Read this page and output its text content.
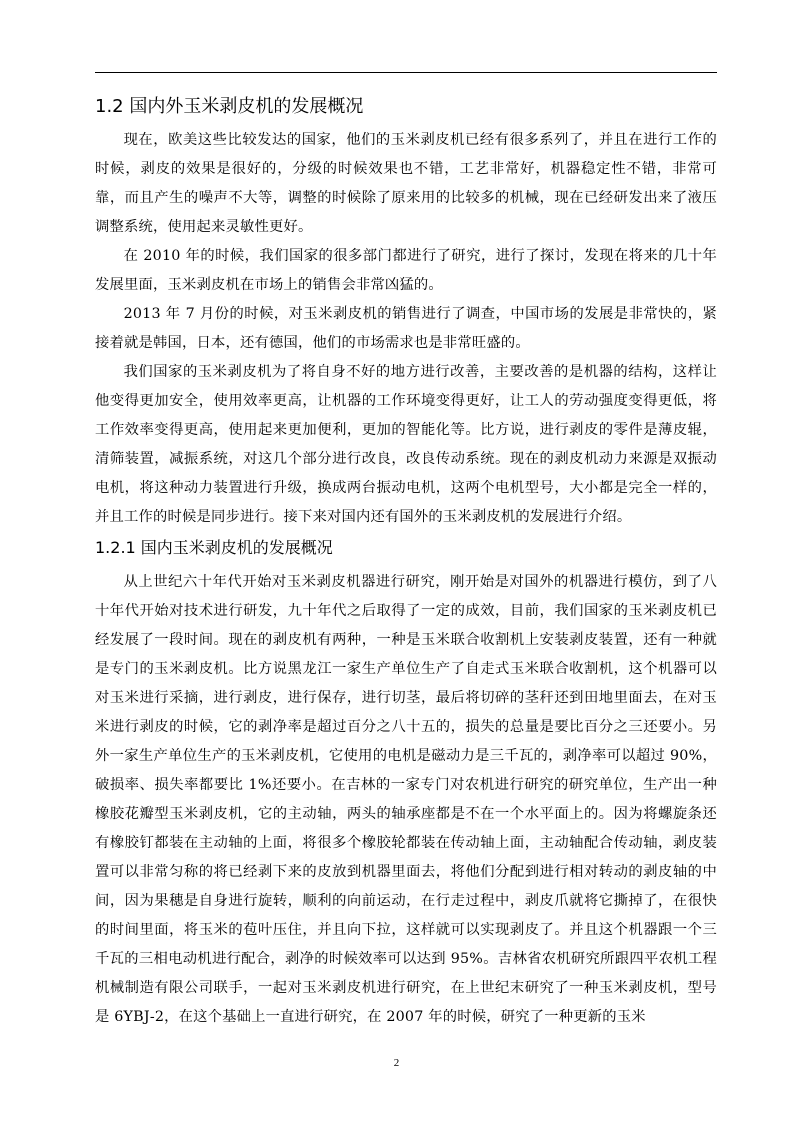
1.2 国内外玉米剥皮机的发展概况

现在，欧美这些比较发达的国家，他们的玉米剥皮机已经有很多系列了，并且在进行工作的时候，剥皮的效果是很好的，分级的时候效果也不错，工艺非常好，机器稳定性不错，非常可靠，而且产生的噪声不大等，调整的时候除了原来用的比较多的机械，现在已经研发出来了液压调整系统，使用起来灵敏性更好。

在 2010 年的时候，我们国家的很多部门都进行了研究，进行了探讨，发现在将来的几十年发展里面，玉米剥皮机在市场上的销售会非常凶猛的。

2013 年 7 月份的时候，对玉米剥皮机的销售进行了调查，中国市场的发展是非常快的，紧接着就是韩国，日本，还有德国，他们的市场需求也是非常旺盛的。

我们国家的玉米剥皮机为了将自身不好的地方进行改善，主要改善的是机器的结构，这样让他变得更加安全，使用效率更高，让机器的工作环境变得更好，让工人的劳动强度变得更低，将工作效率变得更高，使用起来更加便利，更加的智能化等。比方说，进行剥皮的零件是薄皮辊，清筛装置，减振系统，对这几个部分进行改良，改良传动系统。现在的剥皮机动力来源是双振动电机，将这种动力装置进行升级，换成两台振动电机，这两个电机型号，大小都是完全一样的，并且工作的时候是同步进行。接下来对国内还有国外的玉米剥皮机的发展进行介绍。

1.2.1 国内玉米剥皮机的发展概况

从上世纪六十年代开始对玉米剥皮机器进行研究，刚开始是对国外的机器进行模仿，到了八十年代开始对技术进行研发，九十年代之后取得了一定的成效，目前，我们国家的玉米剥皮机已经发展了一段时间。现在的剥皮机有两种，一种是玉米联合收割机上安装剥皮装置，还有一种就是专门的玉米剥皮机。比方说黑龙江一家生产单位生产了自走式玉米联合收割机，这个机器可以对玉米进行采摘，进行剥皮，进行保存，进行切茎，最后将切碎的茎秆还到田地里面去，在对玉米进行剥皮的时候，它的剥净率是超过百分之八十五的，损失的总量是要比百分之三还要小。另外一家生产单位生产的玉米剥皮机，它使用的电机是磁动力是三千瓦的，剥净率可以超过 90%，破损率、损失率都要比 1%还要小。在吉林的一家专门对农机进行研究的研究单位，生产出一种橡胶花瓣型玉米剥皮机，它的主动轴，两头的轴承座都是不在一个水平面上的。因为将螺旋条还有橡胶钉都装在主动轴的上面，将很多个橡胶轮都装在传动轴上面，主动轴配合传动轴，剥皮装置可以非常匀称的将已经剥下来的皮放到机器里面去，将他们分配到进行相对转动的剥皮轴的中间，因为果穗是自身进行旋转，顺利的向前运动，在行走过程中，剥皮爪就将它撕掉了，在很快的时间里面，将玉米的苞叶压住，并且向下拉，这样就可以实现剥皮了。并且这个机器跟一个三千瓦的三相电动机进行配合，剥净的时候效率可以达到 95%。吉林省农机研究所跟四平农机工程机械制造有限公司联手，一起对玉米剥皮机进行研究，在上世纪末研究了一种玉米剥皮机，型号是 6YBJ-2，在这个基础上一直进行研究，在 2007 年的时候，研究了一种更新的玉米

2
